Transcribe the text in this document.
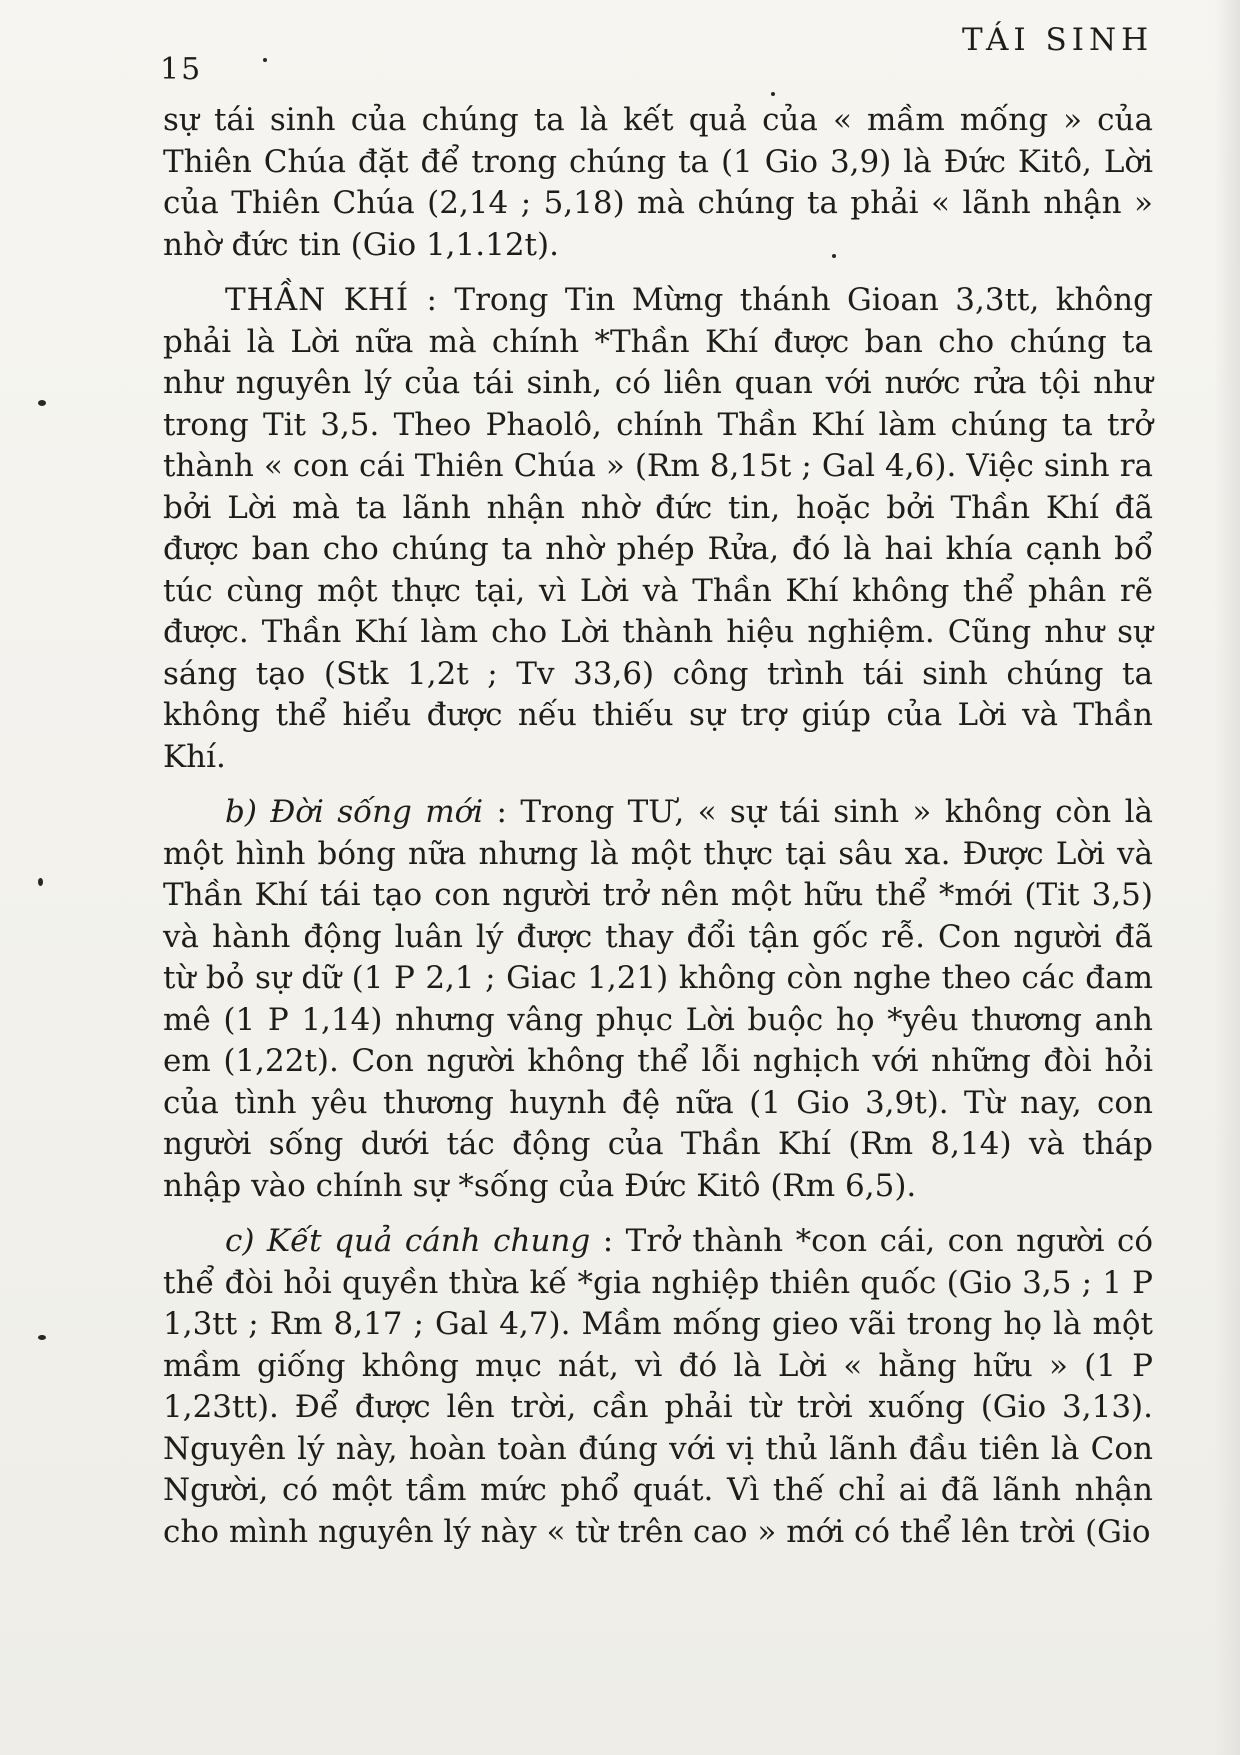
15
TÁI SINH

sự tái sinh của chúng ta là kết quả của « mầm mống » của Thiên Chúa đặt để trong chúng ta (1 Gio 3,9) là Đức Kitô, Lời của Thiên Chúa (2,14 ; 5,18) mà chúng ta phải « lãnh nhận » nhờ đức tin (Gio 1,1.12t).

THẦN KHÍ : Trong Tin Mừng thánh Gioan 3,3tt, không phải là Lời nữa mà chính *Thần Khí được ban cho chúng ta như nguyên lý của tái sinh, có liên quan với nước rửa tội như trong Tit 3,5. Theo Phaolô, chính Thần Khí làm chúng ta trở thành « con cái Thiên Chúa » (Rm 8,15t ; Gal 4,6). Việc sinh ra bởi Lời mà ta lãnh nhận nhờ đức tin, hoặc bởi Thần Khí đã được ban cho chúng ta nhờ phép Rửa, đó là hai khía cạnh bổ túc cùng một thực tại, vì Lời và Thần Khí không thể phân rẽ được. Thần Khí làm cho Lời thành hiệu nghiệm. Cũng như sự sáng tạo (Stk 1,2t ; Tv 33,6) công trình tái sinh chúng ta không thể hiểu được nếu thiếu sự trợ giúp của Lời và Thần Khí.

b) Đời sống mới : Trong TƯ, « sự tái sinh » không còn là một hình bóng nữa nhưng là một thực tại sâu xa. Được Lời và Thần Khí tái tạo con người trở nên một hữu thể *mới (Tit 3,5) và hành động luân lý được thay đổi tận gốc rễ. Con người đã từ bỏ sự dữ (1 P 2,1 ; Giac 1,21) không còn nghe theo các đam mê (1 P 1,14) nhưng vâng phục Lời buộc họ *yêu thương anh em (1,22t). Con người không thể lỗi nghịch với những đòi hỏi của tình yêu thương huynh đệ nữa (1 Gio 3,9t). Từ nay, con người sống dưới tác động của Thần Khí (Rm 8,14) và tháp nhập vào chính sự *sống của Đức Kitô (Rm 6,5).

c) Kết quả cánh chung : Trở thành *con cái, con người có thể đòi hỏi quyền thừa kế *gia nghiệp thiên quốc (Gio 3,5 ; 1 P 1,3tt ; Rm 8,17 ; Gal 4,7). Mầm mống gieo vãi trong họ là một mầm giống không mục nát, vì đó là Lời « hằng hữu » (1 P 1,23tt). Để được lên trời, cần phải từ trời xuống (Gio 3,13). Nguyên lý này, hoàn toàn đúng với vị thủ lãnh đầu tiên là Con Người, có một tầm mức phổ quát. Vì thế chỉ ai đã lãnh nhận cho mình nguyên lý này « từ trên cao » mới có thể lên trời (Gio
